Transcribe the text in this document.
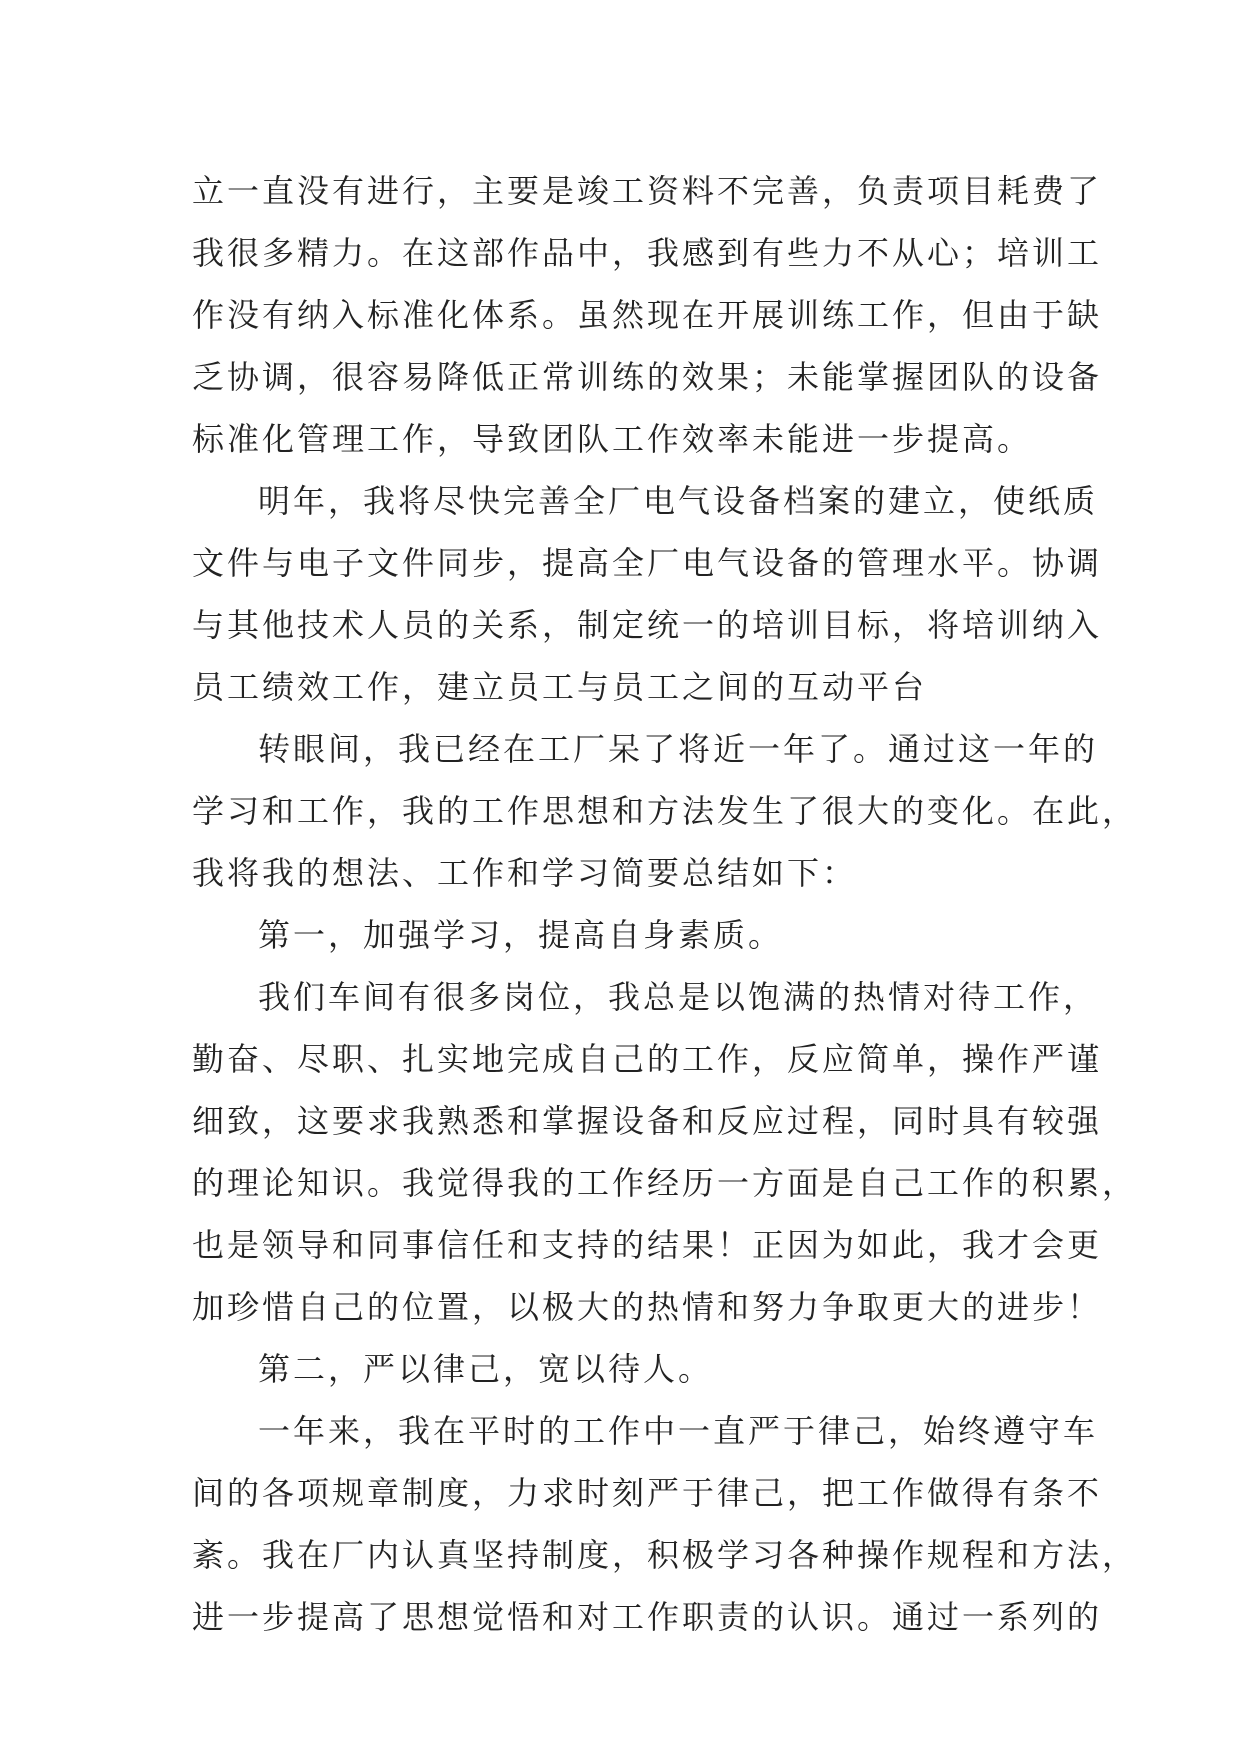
立一直没有进行，主要是竣工资料不完善，负责项目耗费了
我很多精力。在这部作品中，我感到有些力不从心；培训工
作没有纳入标准化体系。虽然现在开展训练工作，但由于缺
乏协调，很容易降低正常训练的效果；未能掌握团队的设备
标准化管理工作，导致团队工作效率未能进一步提高。
明年，我将尽快完善全厂电气设备档案的建立，使纸质
文件与电子文件同步，提高全厂电气设备的管理水平。协调
与其他技术人员的关系，制定统一的培训目标，将培训纳入
员工绩效工作，建立员工与员工之间的互动平台
转眼间，我已经在工厂呆了将近一年了。通过这一年的
学习和工作，我的工作思想和方法发生了很大的变化。在此，
我将我的想法、工作和学习简要总结如下：
第一，加强学习，提高自身素质。
我们车间有很多岗位，我总是以饱满的热情对待工作，
勤奋、尽职、扎实地完成自己的工作，反应简单，操作严谨
细致，这要求我熟悉和掌握设备和反应过程，同时具有较强
的理论知识。我觉得我的工作经历一方面是自己工作的积累，
也是领导和同事信任和支持的结果！正因为如此，我才会更
加珍惜自己的位置，以极大的热情和努力争取更大的进步！
第二，严以律己，宽以待人。
一年来，我在平时的工作中一直严于律己，始终遵守车
间的各项规章制度，力求时刻严于律己，把工作做得有条不
紊。我在厂内认真坚持制度，积极学习各种操作规程和方法，
进一步提高了思想觉悟和对工作职责的认识。通过一系列的
